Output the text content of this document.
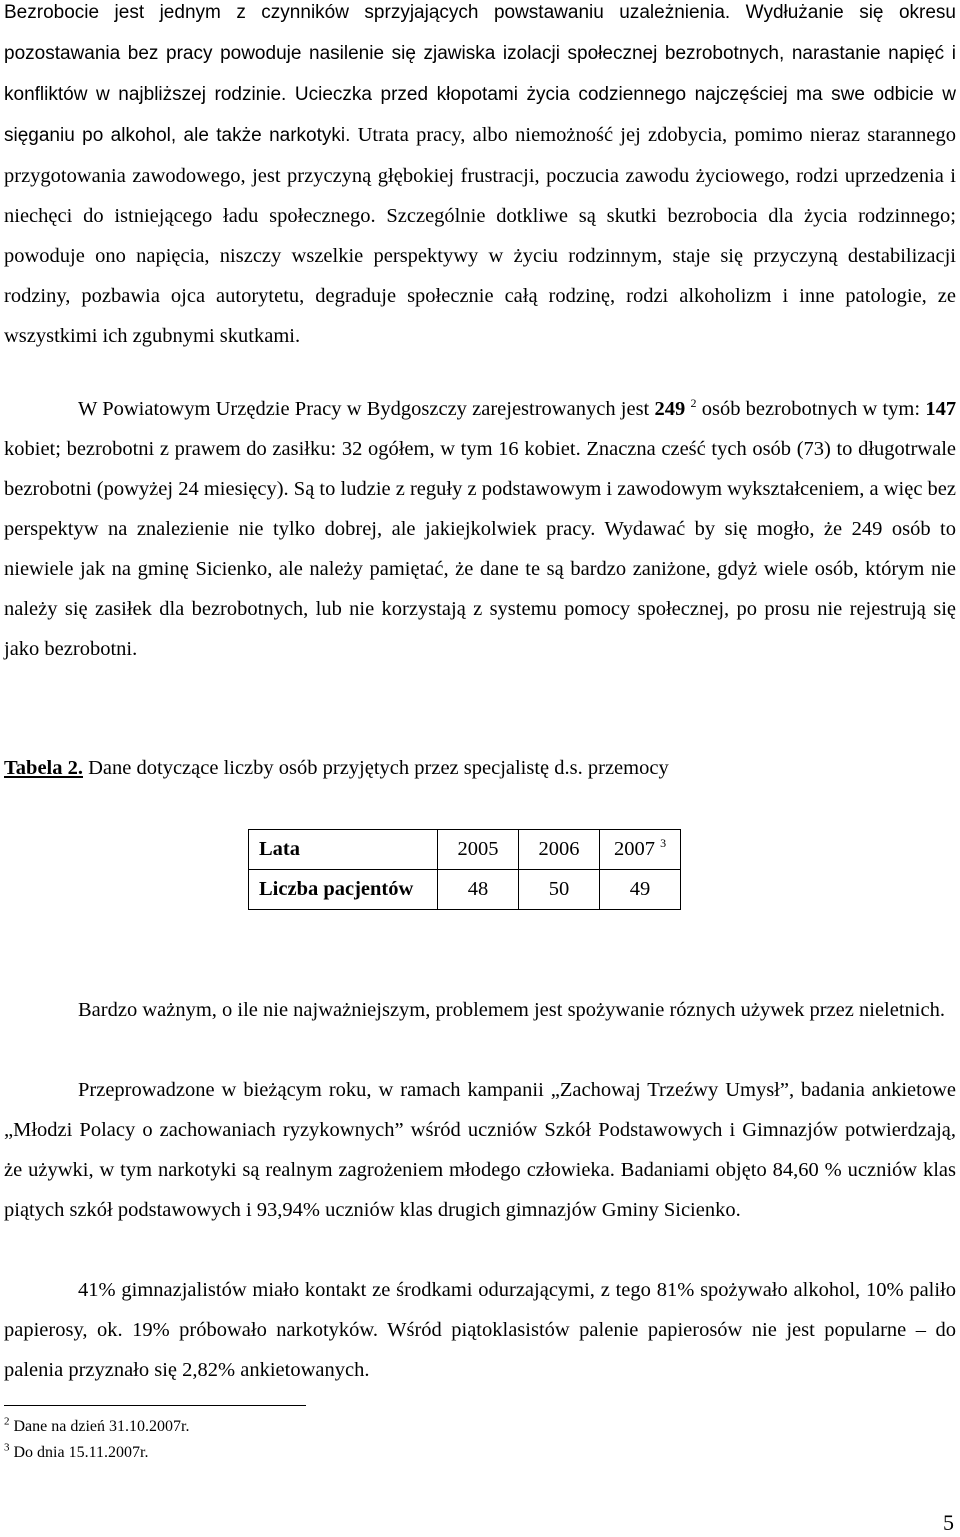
Bezrobocie jest jednym z czynników sprzyjających powstawaniu uzależnienia. Wydłużanie się okresu pozostawania bez pracy powoduje nasilenie się zjawiska izolacji społecznej bezrobotnych, narastanie napięć i konfliktów w najbliższej rodzinie. Ucieczka przed kłopotami życia codziennego najczęściej ma swe odbicie w sięganiu po alkohol, ale także narkotyki. Utrata pracy, albo niemożność jej zdobycia, pomimo nieraz starannego przygotowania zawodowego, jest przyczyną głębokiej frustracji, poczucia zawodu życiowego, rodzi uprzedzenia i niechęci do istniejącego ładu społecznego. Szczególnie dotkliwe są skutki bezrobocia dla życia rodzinnego; powoduje ono napięcia, niszczy wszelkie perspektywy w życiu rodzinnym, staje się przyczyną destabilizacji rodziny, pozbawia ojca autorytetu, degraduje społecznie całą rodzinę, rodzi alkoholizm i inne patologie, ze wszystkimi ich zgubnymi skutkami.

W Powiatowym Urzędzie Pracy w Bydgoszczy zarejestrowanych jest 249 $^2$ osób bezrobotnych w tym: 147 kobiet; bezrobotni z prawem do zasiłku: 32 ogółem, w tym 16 kobiet. Znaczna cześć tych osób (73) to długotrwale bezrobotni (powyżej 24 miesięcy). Są to ludzie z reguły z podstawowym i zawodowym wykształceniem, a więc bez perspektyw na znalezienie nie tylko dobrej, ale jakiejkolwiek pracy. Wydawać by się mogło, że 249 osób to niewiele jak na gminę Sicienko, ale należy pamiętać, że dane te są bardzo zaniżone, gdyż wiele osób, którym nie należy się zasiłek dla bezrobotnych, lub nie korzystają z systemu pomocy społecznej, po prosu nie rejestrują się jako bezrobotni.

Tabela 2. Dane dotyczące liczby osób przyjętych przez specjalistę d.s. przemocy
Lata	2005	2006	2007 $^3$
Liczba pacjentów	48	50	49

Bardzo ważnym, o ile nie najważniejszym, problemem jest spożywanie róznych używek przez nieletnich.

Przeprowadzone w bieżącym roku, w ramach kampanii „Zachowaj Trzeźwy Umysł”, badania ankietowe „Młodzi Polacy o zachowaniach ryzykownych” wśród uczniów Szkół Podstawowych i Gimnazjów potwierdzają, że używki, w tym narkotyki są realnym zagrożeniem młodego człowieka. Badaniami objęto 84,60 % uczniów klas piątych szkół podstawowych i 93,94% uczniów klas drugich gimnazjów Gminy Sicienko.

41% gimnazjalistów miało kontakt ze środkami odurzającymi, z tego 81% spożywało alkohol, 10% paliło papierosy, ok. 19% próbowało narkotyków. Wśród piątoklasistów palenie papierosów nie jest popularne – do palenia przyznało się 2,82% ankietowanych.

$^2$ Dane na dzień 31.10.2007r.
$^3$ Do dnia 15.11.2007r.
5
